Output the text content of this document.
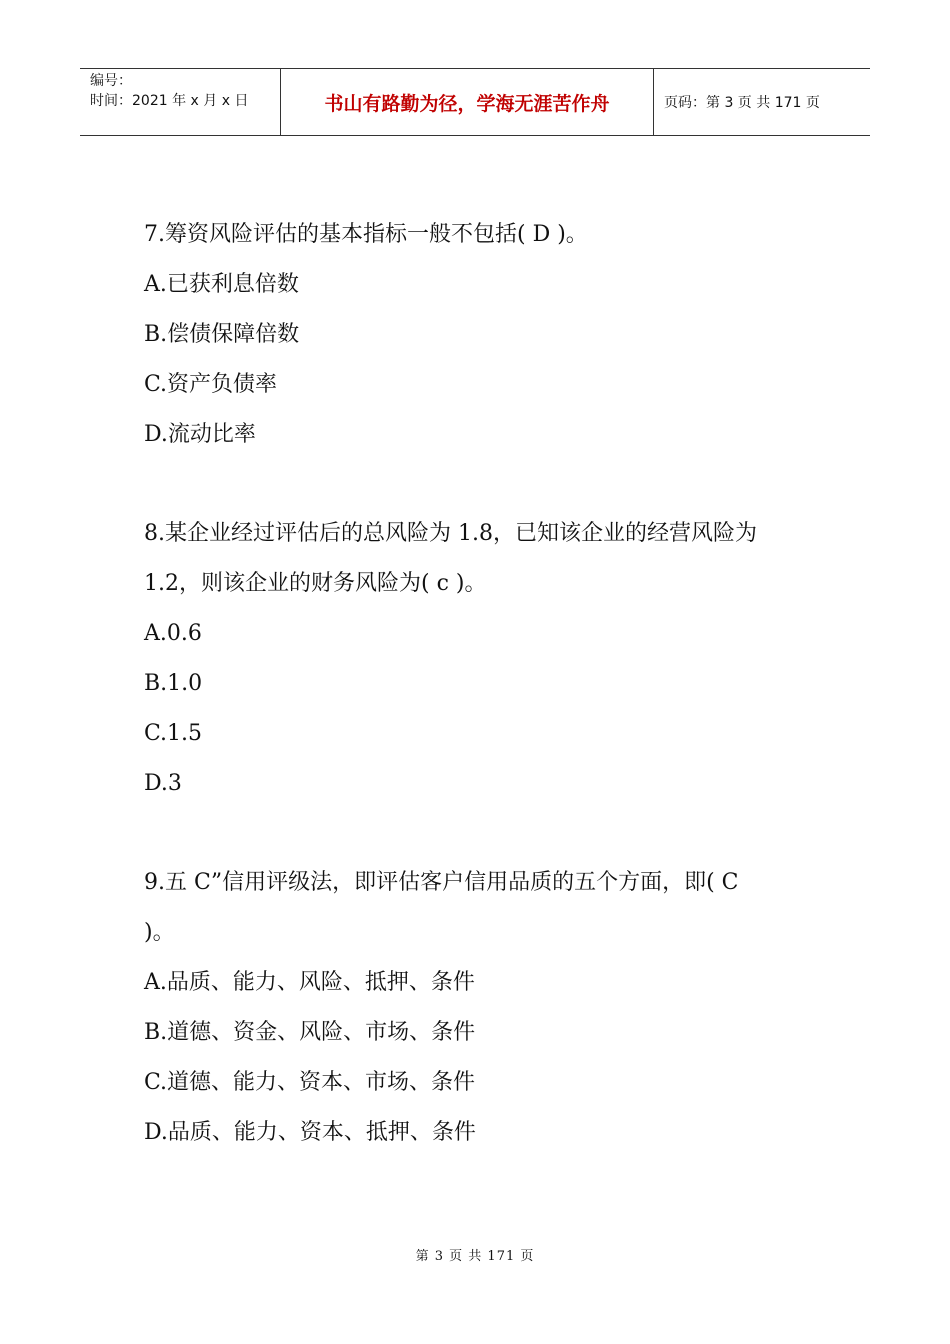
编号：
时间：2021 年 x 月 x 日	书山有路勤为径，学海无涯苦作舟	页码：第 3 页 共 171 页
7.筹资风险评估的基本指标一般不包括( D )。
A.已获利息倍数
B.偿债保障倍数
C.资产负债率
D.流动比率
8.某企业经过评估后的总风险为 1.8，已知该企业的经营风险为
1.2，则该企业的财务风险为( c )。
A.0.6
B.1.0
C.1.5
D.3
9.五 C”信用评级法，即评估客户信用品质的五个方面，即( C
)。
A.品质、能力、风险、抵押、条件
B.道德、资金、风险、市场、条件
C.道德、能力、资本、市场、条件
D.品质、能力、资本、抵押、条件
第 3 页 共 171 页
